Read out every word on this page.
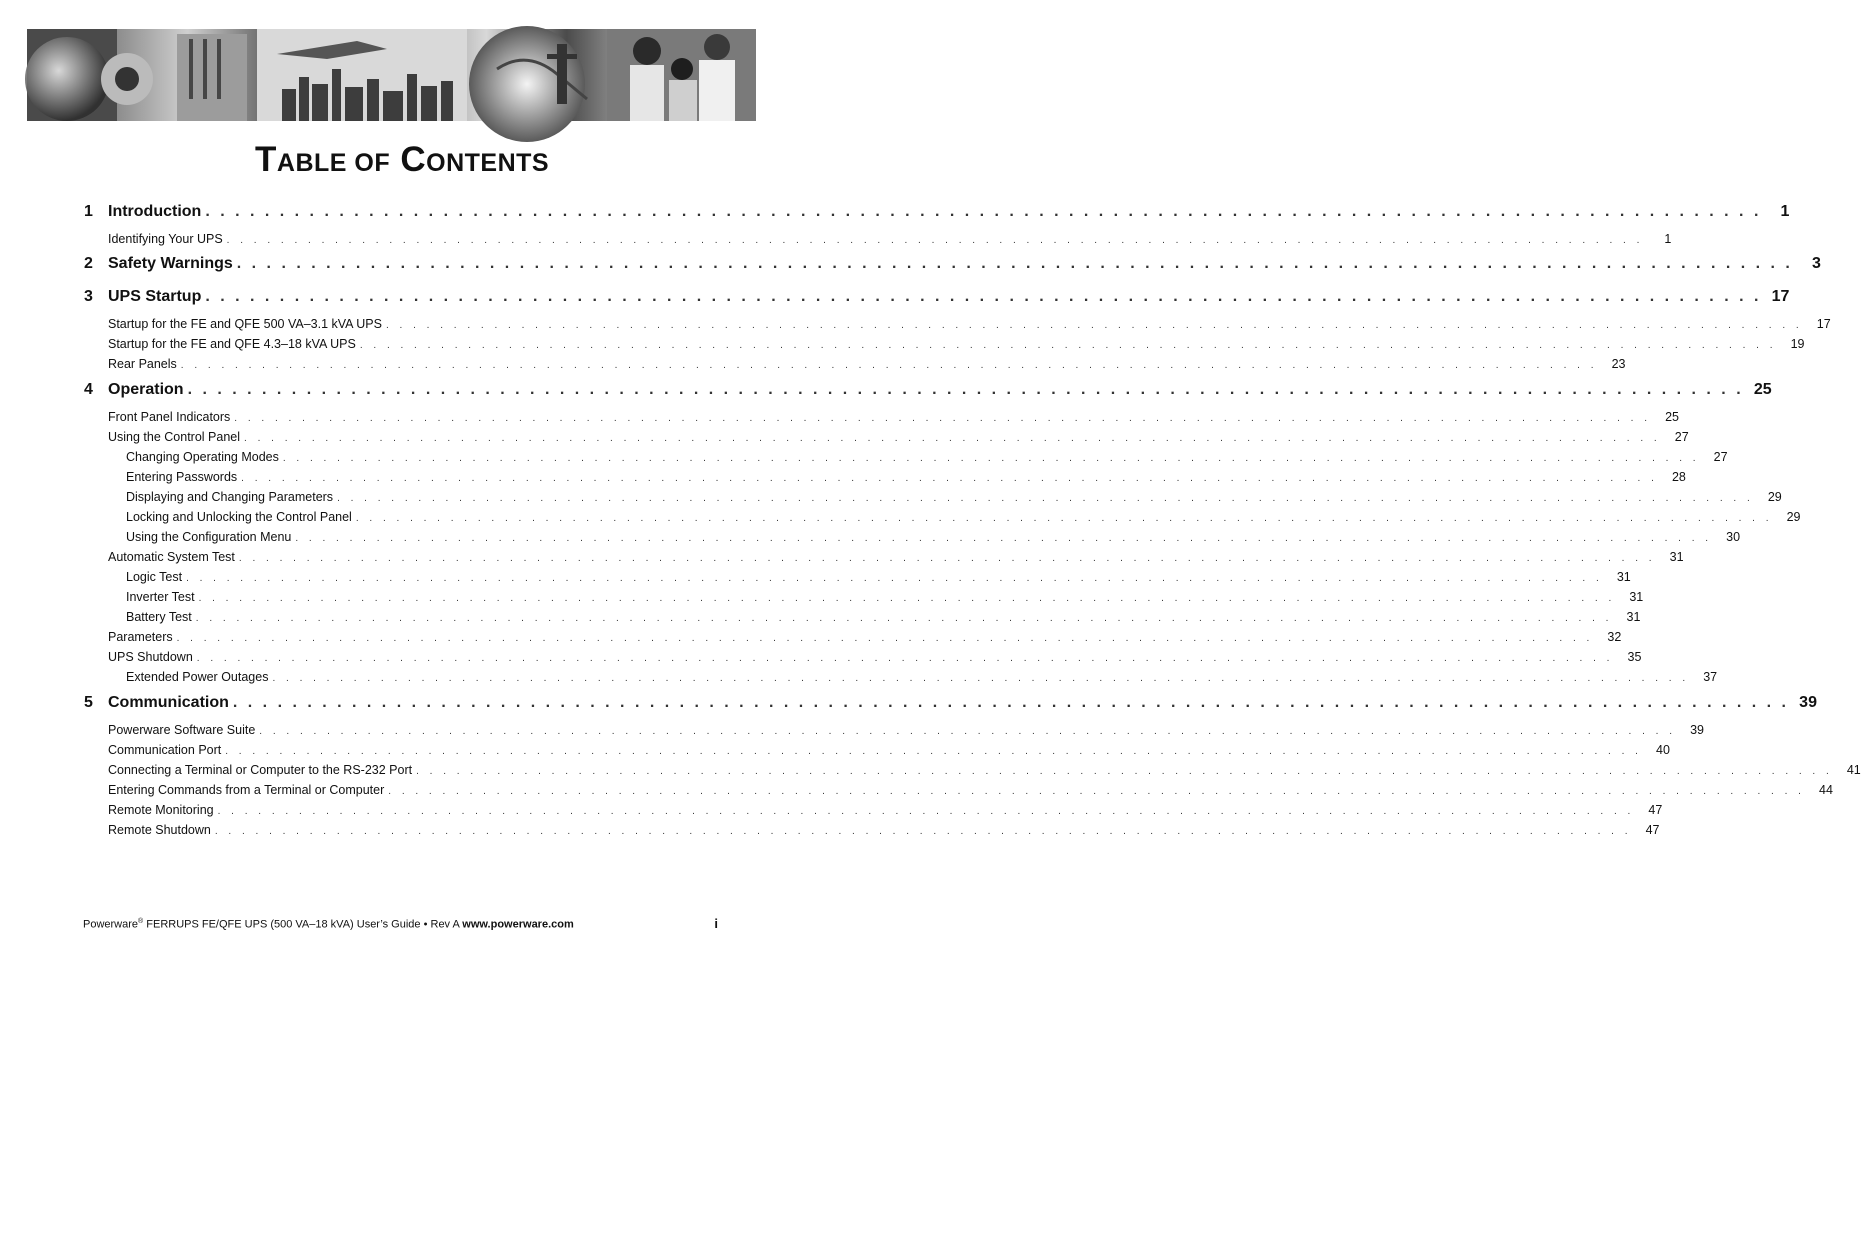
TABLE OF CONTENTS
1 Introduction . . . . . . . . . . . . . . . . . . . . . . . . . . . . . . . . . . . . . . . . . . . . . . . . . . . . . . . . . . . . . . . . . . . . . . . . . . . . . . . . . . . . . . . . . . . . . . . . . . . . . . . . .	1
Identifying Your UPS . . . . . . . . . . . . . . . . . . . . . . . . . . . . . . . . . . . . . . . . . . . . . . . . . . . . . . . . . . . . . . . . . . . . . . . . . . . . . . . . . . . . . . . . . . . . . . . . . . . . . . . . .	1
2 Safety Warnings . . . . . . . . . . . . . . . . . . . . . . . . . . . . . . . . . . . . . . . . . . . . . . . . . . . . . . . . . . . . . . . . . . . . . . . . . . . . . . . . . . . . . . . . . . . . . . . . . . . . . . . . .	3
3 UPS Startup . . . . . . . . . . . . . . . . . . . . . . . . . . . . . . . . . . . . . . . . . . . . . . . . . . . . . . . . . . . . . . . . . . . . . . . . . . . . . . . . . . . . . . . . . . . . . . . . . . . . . . . . . 17
Startup for the FE and QFE 500 VA–3.1 kVA UPS . . . . . . . . . . . . . . . . . . . . . . . . . . . . . . . . . . . . . . . . . . . . . . . . . . . . . . . . . . . . . . . . . . . . . . . . . . . . . . . . . . . . . . . . . . . . . . . . . . . . . . . . .	17
Startup for the FE and QFE 4.3–18 kVA UPS . . . . . . . . . . . . . . . . . . . . . . . . . . . . . . . . . . . . . . . . . . . . . . . . . . . . . . . . . . . . . . . . . . . . . . . . . . . . . . . . . . . . . . . . . . . . . . . . . . . . . . . . .	19
Rear Panels . . . . . . . . . . . . . . . . . . . . . . . . . . . . . . . . . . . . . . . . . . . . . . . . . . . . . . . . . . . . . . . . . . . . . . . . . . . . . . . . . . . . . . . . . . . . . . . . . . . . . . . . .	23
4 Operation . . . . . . . . . . . . . . . . . . . . . . . . . . . . . . . . . . . . . . . . . . . . . . . . . . . . . . . . . . . . . . . . . . . . . . . . . . . . . . . . . . . . . . . . . . . . . . . . . . . . . . . . . 25
Front Panel Indicators . . . . . . . . . . . . . . . . . . . . . . . . . . . . . . . . . . . . . . . . . . . . . . . . . . . . . . . . . . . . . . . . . . . . . . . . . . . . . . . . . . . . . . . . . . . . . . . . . . . . . . . . .	25
Using the Control Panel . . . . . . . . . . . . . . . . . . . . . . . . . . . . . . . . . . . . . . . . . . . . . . . . . . . . . . . . . . . . . . . . . . . . . . . . . . . . . . . . . . . . . . . . . . . . . . . . . . . . . . . . .	27
Changing Operating Modes . . . . . . . . . . . . . . . . . . . . . . . . . . . . . . . . . . . . . . . . . . . . . . . . . . . . . . . . . . . . . . . . . . . . . . . . . . . . . . . . . . . . . . . . . . . . . . . . . . . . . . . . .	27
Entering Passwords . . . . . . . . . . . . . . . . . . . . . . . . . . . . . . . . . . . . . . . . . . . . . . . . . . . . . . . . . . . . . . . . . . . . . . . . . . . . . . . . . . . . . . . . . . . . . . . . . . . . . . . . .	28
Displaying and Changing Parameters . . . . . . . . . . . . . . . . . . . . . . . . . . . . . . . . . . . . . . . . . . . . . . . . . . . . . . . . . . . . . . . . . . . . . . . . . . . . . . . . . . . . . . . . . . . . . . . . . . . . . . . . .	29
Locking and Unlocking the Control Panel . . . . . . . . . . . . . . . . . . . . . . . . . . . . . . . . . . . . . . . . . . . . . . . . . . . . . . . . . . . . . . . . . . . . . . . . . . . . . . . . . . . . . . . . . . . . . . . . . . . . . . . . .	29
Using the Configuration Menu . . . . . . . . . . . . . . . . . . . . . . . . . . . . . . . . . . . . . . . . . . . . . . . . . . . . . . . . . . . . . . . . . . . . . . . . . . . . . . . . . . . . . . . . . . . . . . . . . . . . . . . . .	30
Automatic System Test . . . . . . . . . . . . . . . . . . . . . . . . . . . . . . . . . . . . . . . . . . . . . . . . . . . . . . . . . . . . . . . . . . . . . . . . . . . . . . . . . . . . . . . . . . . . . . . . . . . . . . . . .	31
Logic Test . . . . . . . . . . . . . . . . . . . . . . . . . . . . . . . . . . . . . . . . . . . . . . . . . . . . . . . . . . . . . . . . . . . . . . . . . . . . . . . . . . . . . . . . . . . . . . . . . . . . . . . . .	31
Inverter Test . . . . . . . . . . . . . . . . . . . . . . . . . . . . . . . . . . . . . . . . . . . . . . . . . . . . . . . . . . . . . . . . . . . . . . . . . . . . . . . . . . . . . . . . . . . . . . . . . . . . . . . . .	31
Battery Test . . . . . . . . . . . . . . . . . . . . . . . . . . . . . . . . . . . . . . . . . . . . . . . . . . . . . . . . . . . . . . . . . . . . . . . . . . . . . . . . . . . . . . . . . . . . . . . . . . . . . . . . .	31
Parameters . . . . . . . . . . . . . . . . . . . . . . . . . . . . . . . . . . . . . . . . . . . . . . . . . . . . . . . . . . . . . . . . . . . . . . . . . . . . . . . . . . . . . . . . . . . . . . . . . . . . . . . . .	32
UPS Shutdown . . . . . . . . . . . . . . . . . . . . . . . . . . . . . . . . . . . . . . . . . . . . . . . . . . . . . . . . . . . . . . . . . . . . . . . . . . . . . . . . . . . . . . . . . . . . . . . . . . . . . . . . .	35
Extended Power Outages . . . . . . . . . . . . . . . . . . . . . . . . . . . . . . . . . . . . . . . . . . . . . . . . . . . . . . . . . . . . . . . . . . . . . . . . . . . . . . . . . . . . . . . . . . . . . . . . . . . . . . . . .	37
5 Communication . . . . . . . . . . . . . . . . . . . . . . . . . . . . . . . . . . . . . . . . . . . . . . . . . . . . . . . . . . . . . . . . . . . . . . . . . . . . . . . . . . . . . . . . . . . . . . . . . . . . . . . . . 39
Powerware Software Suite . . . . . . . . . . . . . . . . . . . . . . . . . . . . . . . . . . . . . . . . . . . . . . . . . . . . . . . . . . . . . . . . . . . . . . . . . . . . . . . . . . . . . . . . . . . . . . . . . . . . . . . . .	39
Communication Port . . . . . . . . . . . . . . . . . . . . . . . . . . . . . . . . . . . . . . . . . . . . . . . . . . . . . . . . . . . . . . . . . . . . . . . . . . . . . . . . . . . . . . . . . . . . . . . . . . . . . . . . .	40
Connecting a Terminal or Computer to the RS-232 Port . . . . . . . . . . . . . . . . . . . . . . . . . . . . . . . . . . . . . . . . . . . . . . . . . . . . . . . . . . . . . . . . . . . . . . . . . . . . . . . . . . . . . . . . . . . . . . . . . . . . . . . . .	41
Entering Commands from a Terminal or Computer . . . . . . . . . . . . . . . . . . . . . . . . . . . . . . . . . . . . . . . . . . . . . . . . . . . . . . . . . . . . . . . . . . . . . . . . . . . . . . . . . . . . . . . . . . . . . . . . . . . . . . . . .	44
Remote Monitoring . . . . . . . . . . . . . . . . . . . . . . . . . . . . . . . . . . . . . . . . . . . . . . . . . . . . . . . . . . . . . . . . . . . . . . . . . . . . . . . . . . . . . . . . . . . . . . . . . . . . . . . . .	47
Remote Shutdown . . . . . . . . . . . . . . . . . . . . . . . . . . . . . . . . . . . . . . . . . . . . . . . . . . . . . . . . . . . . . . . . . . . . . . . . . . . . . . . . . . . . . . . . . . . . . . . . . . . . . . . . .	47
Powerware® FERRUPS FE/QFE UPS (500 VA–18 kVA) User’s Guide • Rev A www.powerware.com	i
